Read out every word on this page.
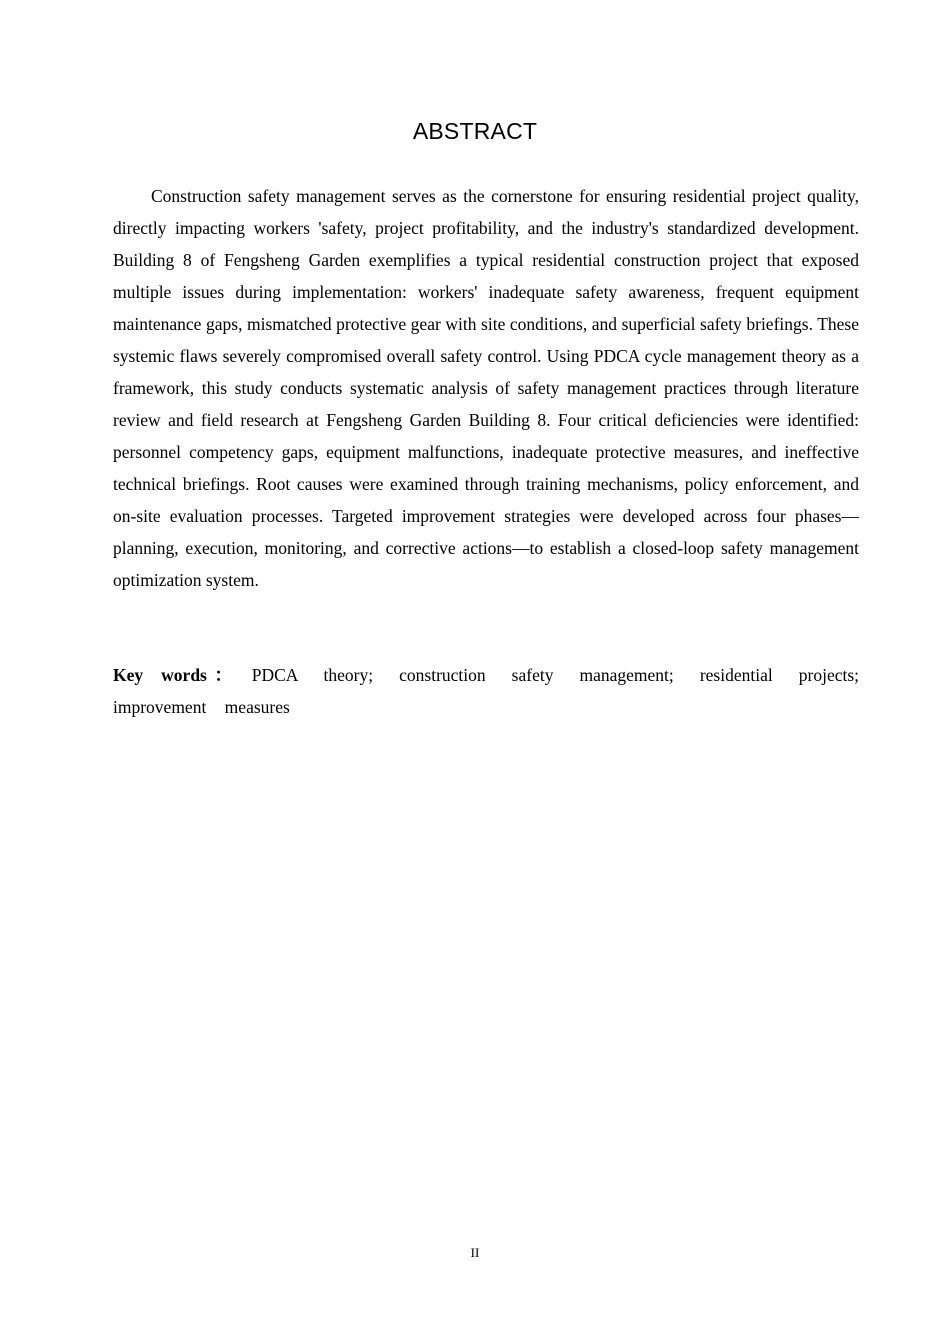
ABSTRACT

Construction safety management serves as the cornerstone for ensuring residential project quality, directly impacting workers 'safety, project profitability, and the industry's standardized development. Building 8 of Fengsheng Garden exemplifies a typical residential construction project that exposed multiple issues during implementation: workers' inadequate safety awareness, frequent equipment maintenance gaps, mismatched protective gear with site conditions, and superficial safety briefings. These systemic flaws severely compromised overall safety control. Using PDCA cycle management theory as a framework, this study conducts systematic analysis of safety management practices through literature review and field research at Fengsheng Garden Building 8. Four critical deficiencies were identified: personnel competency gaps, equipment malfunctions, inadequate protective measures, and ineffective technical briefings. Root causes were examined through training mechanisms, policy enforcement, and on-site evaluation processes. Targeted improvement strategies were developed across four phases—planning, execution, monitoring, and corrective actions—to establish a closed-loop safety management optimization system.

Key words： PDCA theory; construction safety management; residential projects; improvement measures

II
